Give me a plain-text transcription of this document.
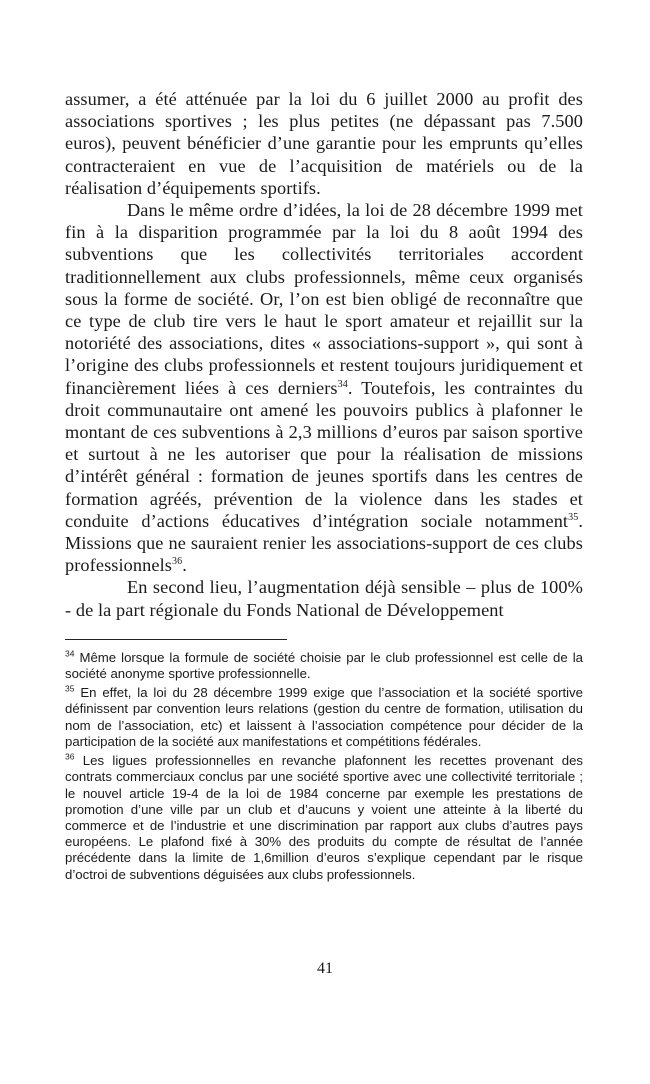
assumer, a été atténuée par la loi du 6 juillet 2000 au profit des associations sportives ; les plus petites (ne dépassant pas 7.500 euros), peuvent bénéficier d’une garantie pour les emprunts qu’elles contracteraient en vue de l’acquisition de matériels ou de la réalisation d’équipements sportifs.

Dans le même ordre d’idées, la loi de 28 décembre 1999 met fin à la disparition programmée par la loi du 8 août 1994 des subventions que les collectivités territoriales accordent traditionnellement aux clubs professionnels, même ceux organisés sous la forme de société. Or, l’on est bien obligé de reconnaître que ce type de club tire vers le haut le sport amateur et rejaillit sur la notoriété des associations, dites « associations-support », qui sont à l’origine des clubs professionnels et restent toujours juridiquement et financièrement liées à ces derniers$^{34}$. Toutefois, les contraintes du droit communautaire ont amené les pouvoirs publics à plafonner le montant de ces subventions à 2,3 millions d’euros par saison sportive et surtout à ne les autoriser que pour la réalisation de missions d’intérêt général : formation de jeunes sportifs dans les centres de formation agréés, prévention de la violence dans les stades et conduite d’actions éducatives d’intégration sociale notamment$^{35}$. Missions que ne sauraient renier les associations-support de ces clubs professionnels$^{36}$.

En second lieu, l’augmentation déjà sensible – plus de 100% - de la part régionale du Fonds National de Développement

$^{34}$ Même lorsque la formule de société choisie par le club professionnel est celle de la société anonyme sportive professionnelle.

$^{35}$ En effet, la loi du 28 décembre 1999 exige que l’association et la société sportive définissent par convention leurs relations (gestion du centre de formation, utilisation du nom de l’association, etc) et laissent à l’association compétence pour décider de la participation de la société aux manifestations et compétitions fédérales.

$^{36}$ Les ligues professionnelles en revanche plafonnent les recettes provenant des contrats commerciaux conclus par une société sportive avec une collectivité territoriale ; le nouvel article 19-4 de la loi de 1984 concerne par exemple les prestations de promotion d’une ville par un club et d’aucuns y voient une atteinte à la liberté du commerce et de l’industrie et une discrimination par rapport aux clubs d’autres pays européens. Le plafond fixé à 30% des produits du compte de résultat de l’année précédente dans la limite de 1,6million d’euros s’explique cependant par le risque d’octroi de subventions déguisées aux clubs professionnels.

41
